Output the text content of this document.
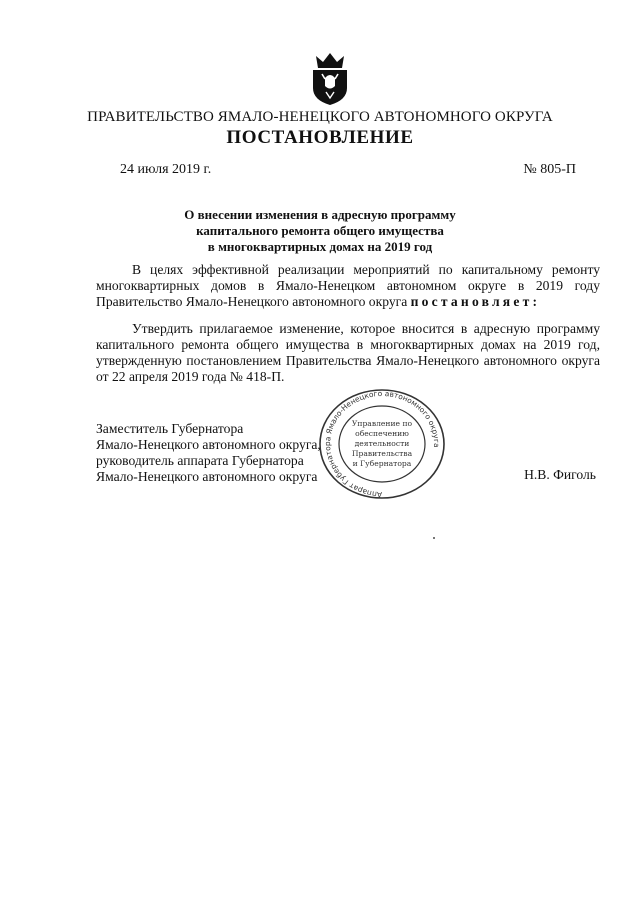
ПРАВИТЕЛЬСТВО ЯМАЛО-НЕНЕЦКОГО АВТОНОМНОГО ОКРУГА
ПОСТАНОВЛЕНИЕ
24 июля 2019 г.	№ 805-П
О внесении изменения в адресную программу
капитального ремонта общего имущества
в многоквартирных домах на 2019 год
В целях эффективной реализации мероприятий по капитальному ремонту многоквартирных домов в Ямало-Ненецком автономном округе в 2019 году Правительство Ямало-Ненецкого автономного округа постановляет:
Утвердить прилагаемое изменение, которое вносится в адресную программу капитального ремонта общего имущества в многоквартирных домах на 2019 год, утвержденную постановлением Правительства Ямало-Ненецкого автономного округа от 22 апреля 2019 года № 418-П.
Заместитель Губернатора
Ямало-Ненецкого автономного округа,
руководитель аппарата Губернатора
Ямало-Ненецкого автономного округа	Н.В. Фиголь
Аппарат Губернатора Ямало-Ненецкого автономного округа
Управление по
обеспечению
деятельности
Правительства
и Губернатора
